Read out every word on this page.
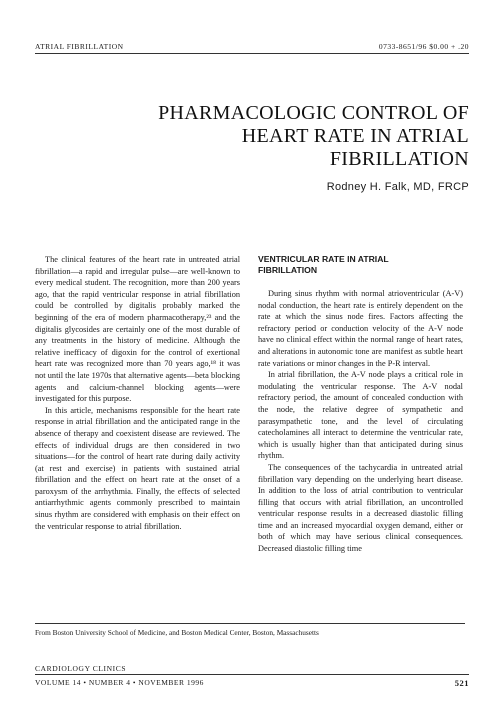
ATRIAL FIBRILLATION	0733-8651/96 $0.00 + .20
PHARMACOLOGIC CONTROL OF
HEART RATE IN ATRIAL
FIBRILLATION
Rodney H. Falk, MD, FRCP

The clinical features of the heart rate in untreated atrial fibrillation—a rapid and irregular pulse—are well-known to every medical student. The recognition, more than 200 years ago, that the rapid ventricular response in atrial fibrillation could be controlled by digitalis probably marked the beginning of the era of modern pharmacotherapy,²³ and the digitalis glycosides are certainly one of the most durable of any treatments in the history of medicine. Although the relative inefficacy of digoxin for the control of exertional heart rate was recognized more than 70 years ago,¹⁸ it was not until the late 1970s that alternative agents—beta blocking agents and calcium-channel blocking agents—were investigated for this purpose.

In this article, mechanisms responsible for the heart rate response in atrial fibrillation and the anticipated range in the absence of therapy and coexistent disease are reviewed. The effects of individual drugs are then considered in two situations—for the control of heart rate during daily activity (at rest and exercise) in patients with sustained atrial fibrillation and the effect on heart rate at the onset of a paroxysm of the arrhythmia. Finally, the effects of selected antiarrhythmic agents commonly prescribed to maintain sinus rhythm are considered with emphasis on their effect on the ventricular response to atrial fibrillation.

VENTRICULAR RATE IN ATRIAL
FIBRILLATION

During sinus rhythm with normal atrioventricular (A-V) nodal conduction, the heart rate is entirely dependent on the rate at which the sinus node fires. Factors affecting the refractory period or conduction velocity of the A-V node have no clinical effect within the normal range of heart rates, and alterations in autonomic tone are manifest as subtle heart rate variations or minor changes in the P-R interval.

In atrial fibrillation, the A-V node plays a critical role in modulating the ventricular response. The A-V nodal refractory period, the amount of concealed conduction with the node, the relative degree of sympathetic and parasympathetic tone, and the level of circulating catecholamines all interact to determine the ventricular rate, which is usually higher than that anticipated during sinus rhythm.

The consequences of the tachycardia in untreated atrial fibrillation vary depending on the underlying heart disease. In addition to the loss of atrial contribution to ventricular filling that occurs with atrial fibrillation, an uncontrolled ventricular response results in a decreased diastolic filling time and an increased myocardial oxygen demand, either or both of which may have serious clinical consequences. Decreased diastolic filling time

From Boston University School of Medicine, and Boston Medical Center, Boston, Massachusetts
CARDIOLOGY CLINICS
VOLUME 14 • NUMBER 4 • NOVEMBER 1996	521
